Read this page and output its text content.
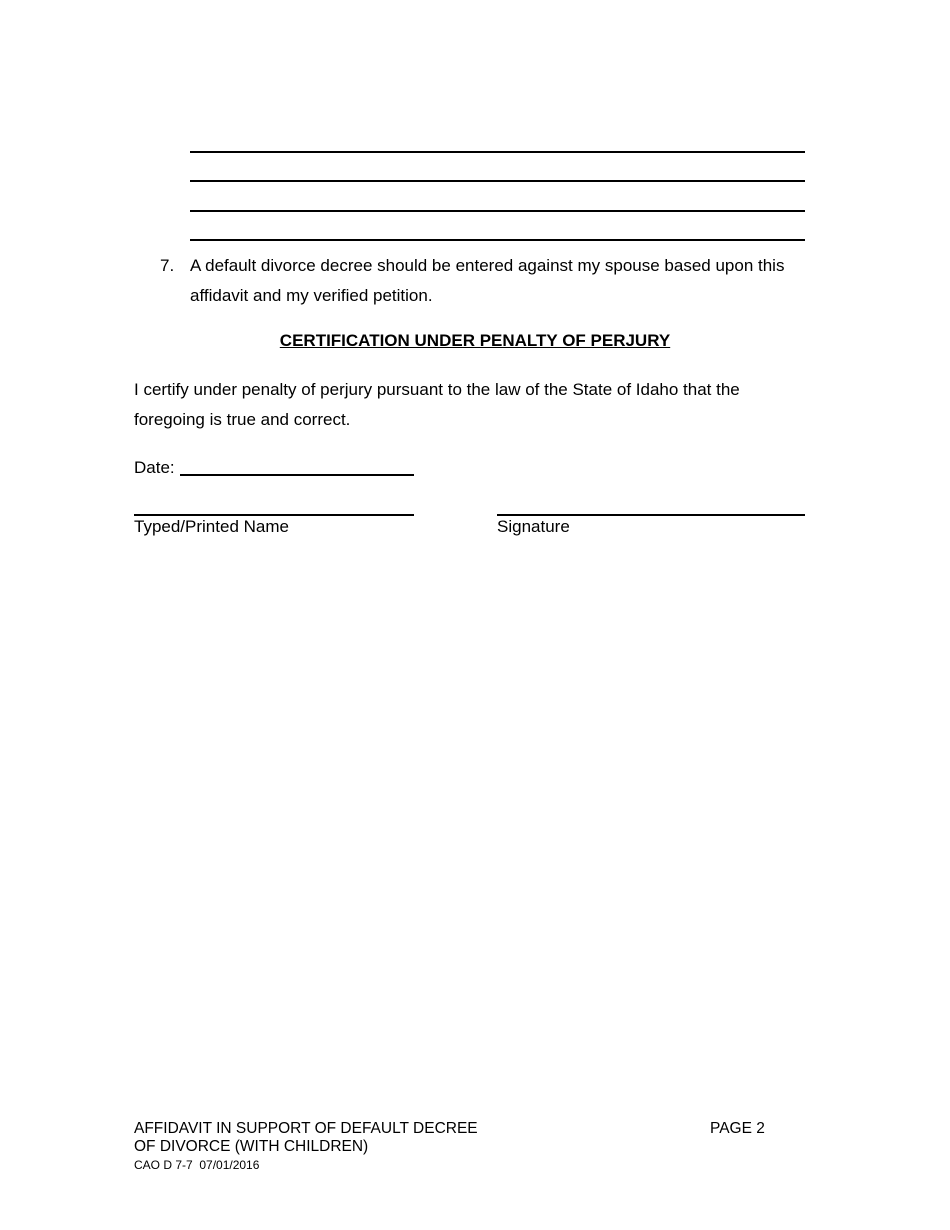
7. A default divorce decree should be entered against my spouse based upon this affidavit and my verified petition.
CERTIFICATION UNDER PENALTY OF PERJURY
I certify under penalty of perjury pursuant to the law of the State of Idaho that the foregoing is true and correct.
Date:
Typed/Printed Name	Signature
AFFIDAVIT IN SUPPORT OF DEFAULT DECREE
OF DIVORCE (WITH CHILDREN)
CAO D 7-7  07/01/2016
PAGE 2
